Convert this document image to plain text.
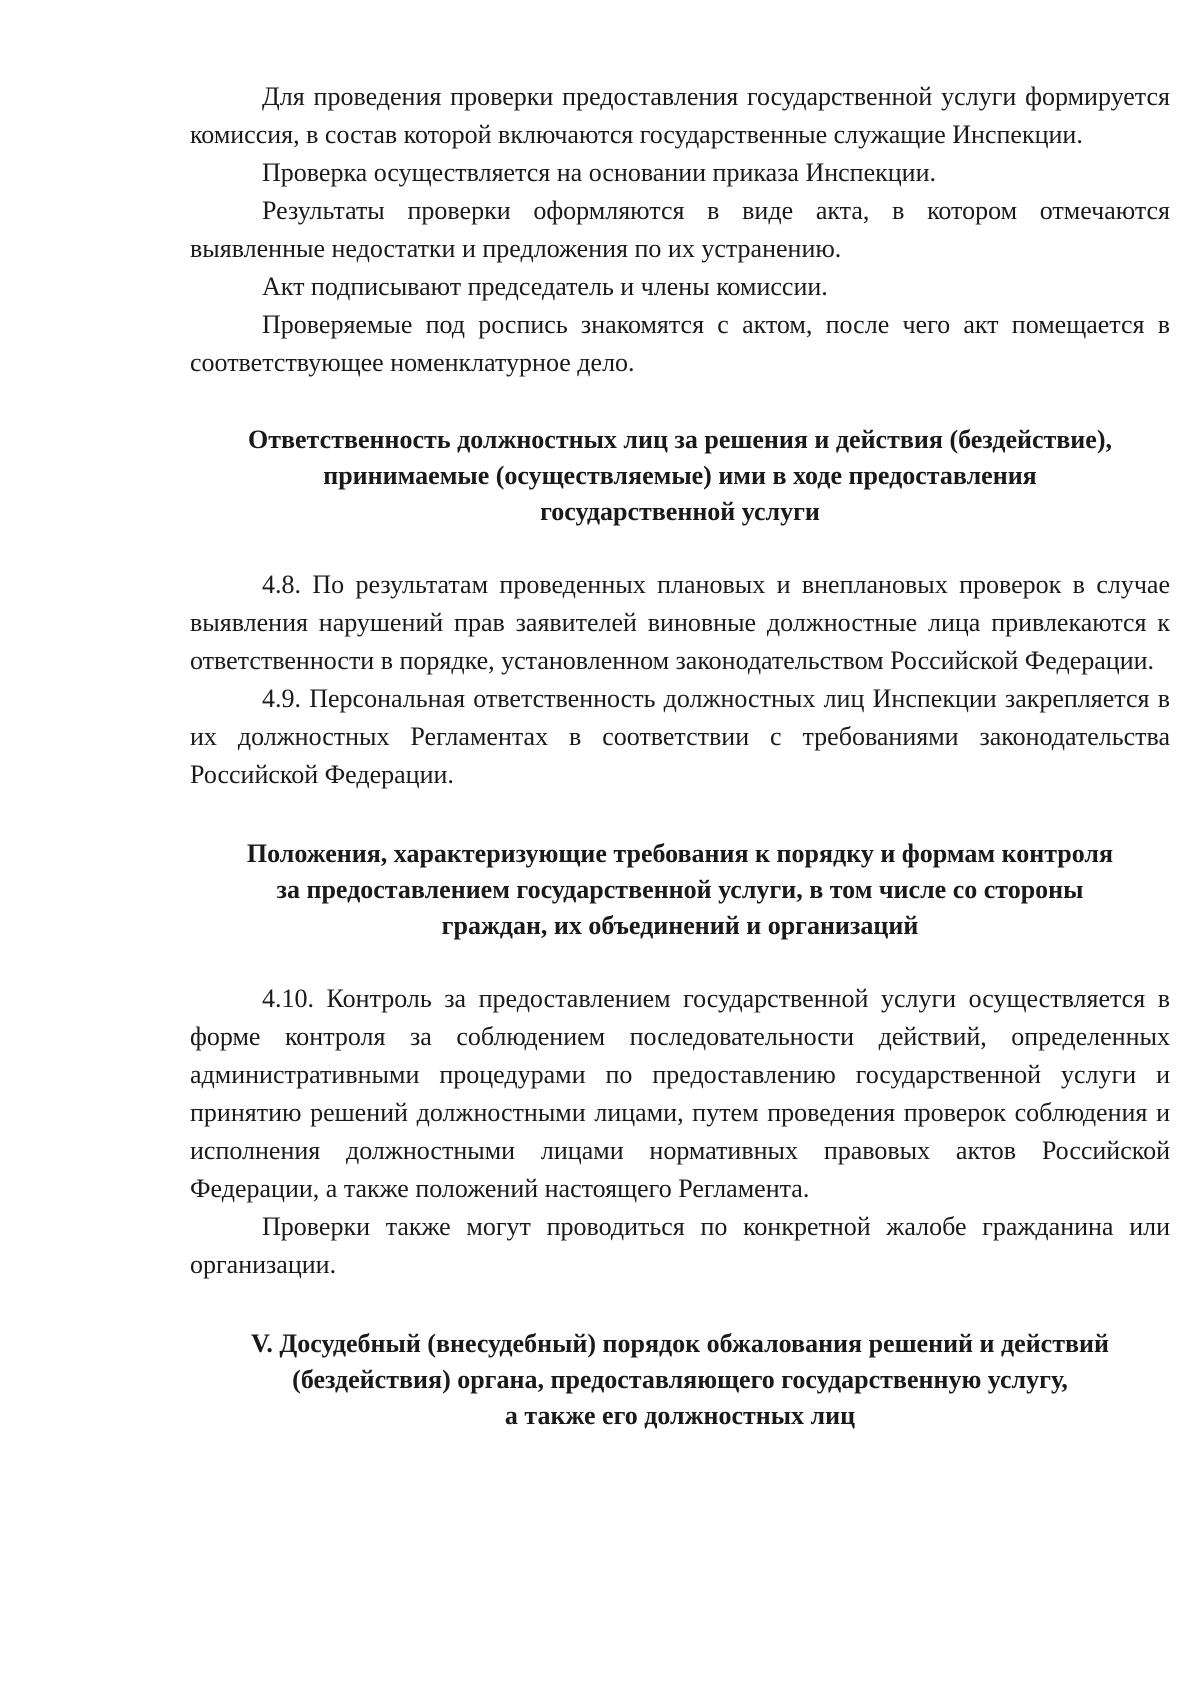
Для проведения проверки предоставления государственной услуги формируется комиссия, в состав которой включаются государственные служащие Инспекции.

Проверка осуществляется на основании приказа Инспекции.

Результаты проверки оформляются в виде акта, в котором отмечаются выявленные недостатки и предложения по их устранению.

Акт подписывают председатель и члены комиссии.

Проверяемые под роспись знакомятся с актом, после чего акт помещается в соответствующее номенклатурное дело.

Ответственность должностных лиц за решения и действия (бездействие),
принимаемые (осуществляемые) ими в ходе предоставления
государственной услуги

4.8. По результатам проведенных плановых и внеплановых проверок в случае выявления нарушений прав заявителей виновные должностные лица привлекаются к ответственности в порядке, установленном законодательством Российской Федерации.

4.9. Персональная ответственность должностных лиц Инспекции закрепляется в их должностных Регламентах в соответствии с требованиями законодательства Российской Федерации.

Положения, характеризующие требования к порядку и формам контроля
за предоставлением государственной услуги, в том числе со стороны
граждан, их объединений и организаций

4.10. Контроль за предоставлением государственной услуги осуществляется в форме контроля за соблюдением последовательности действий, определенных административными процедурами по предоставлению государственной услуги и принятию решений должностными лицами, путем проведения проверок соблюдения и исполнения должностными лицами нормативных правовых актов Российской Федерации, а также положений настоящего Регламента.

Проверки также могут проводиться по конкретной жалобе гражданина или организации.

V. Досудебный (внесудебный) порядок обжалования решений и действий
(бездействия) органа, предоставляющего государственную услугу,
а также его должностных лиц
